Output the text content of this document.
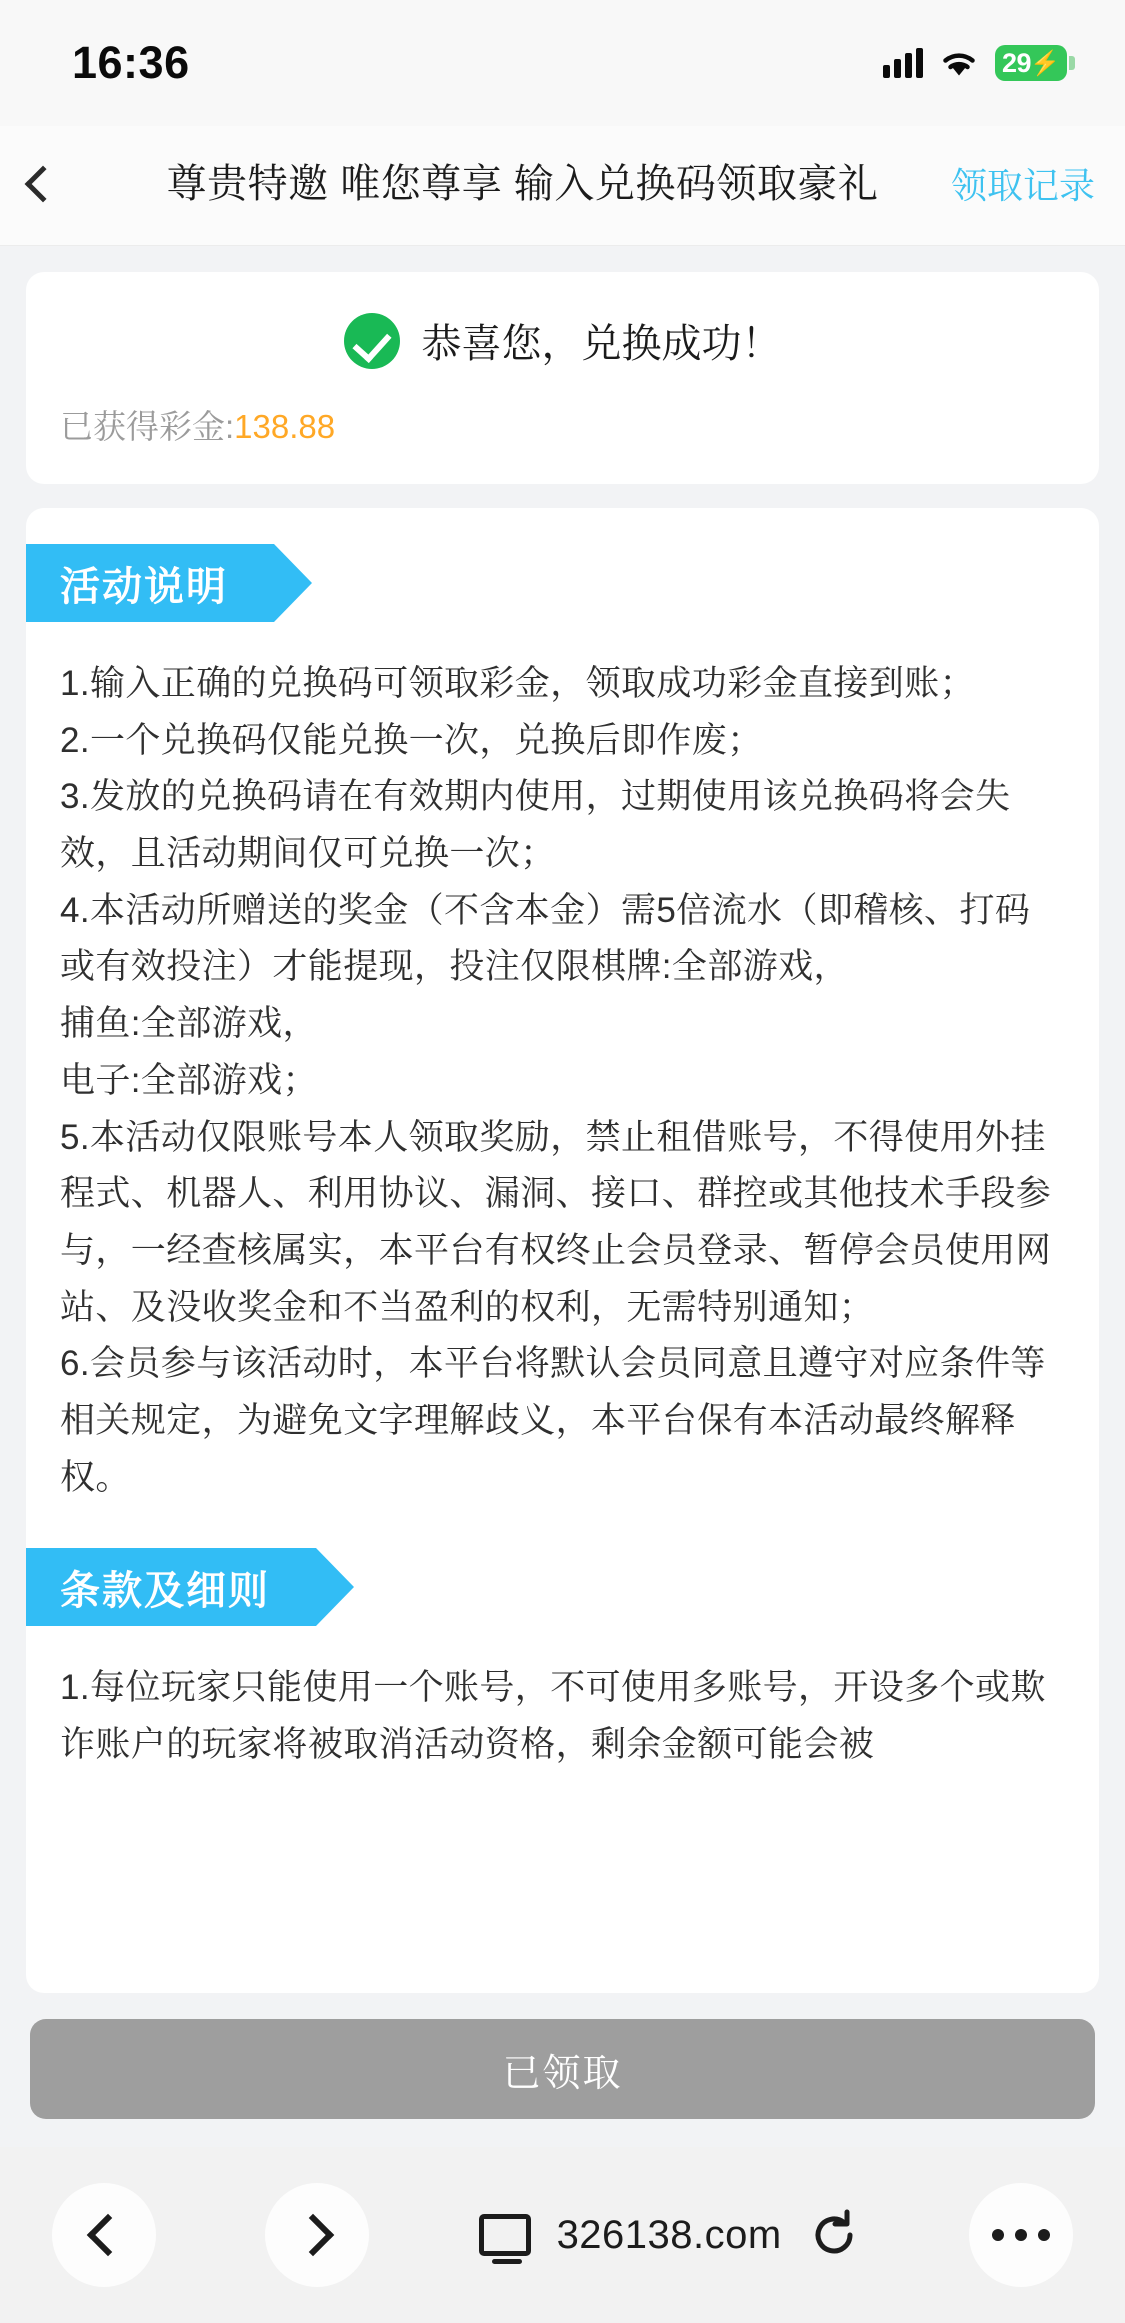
16:36	29 ⚡
尊贵特邀 唯您尊享 输入兑换码领取豪礼	领取记录
恭喜您，兑换成功！
已获得彩金:138.88
活动说明

1.输入正确的兑换码可领取彩金，领取成功彩金直接到账；

2.一个兑换码仅能兑换一次，兑换后即作废；

3.发放的兑换码请在有效期内使用，过期使用该兑换码将会失效，且活动期间仅可兑换一次；

4.本活动所赠送的奖金（不含本金）需5倍流水（即稽核、打码或有效投注）才能提现，投注仅限棋牌:全部游戏，

捕鱼:全部游戏，

电子:全部游戏；

5.本活动仅限账号本人领取奖励，禁止租借账号，不得使用外挂程式、机器人、利用协议、漏洞、接口、群控或其他技术手段参与，一经查核属实，本平台有权终止会员登录、暂停会员使用网站、及没收奖金和不当盈利的权利，无需特别通知；

6.会员参与该活动时，本平台将默认会员同意且遵守对应条件等相关规定，为避免文字理解歧义，本平台保有本活动最终解释权。

条款及细则

1.每位玩家只能使用一个账号，不可使用多账号，开设多个或欺诈账户的玩家将被取消活动资格，剩余金额可能会被

已领取
326138.com
